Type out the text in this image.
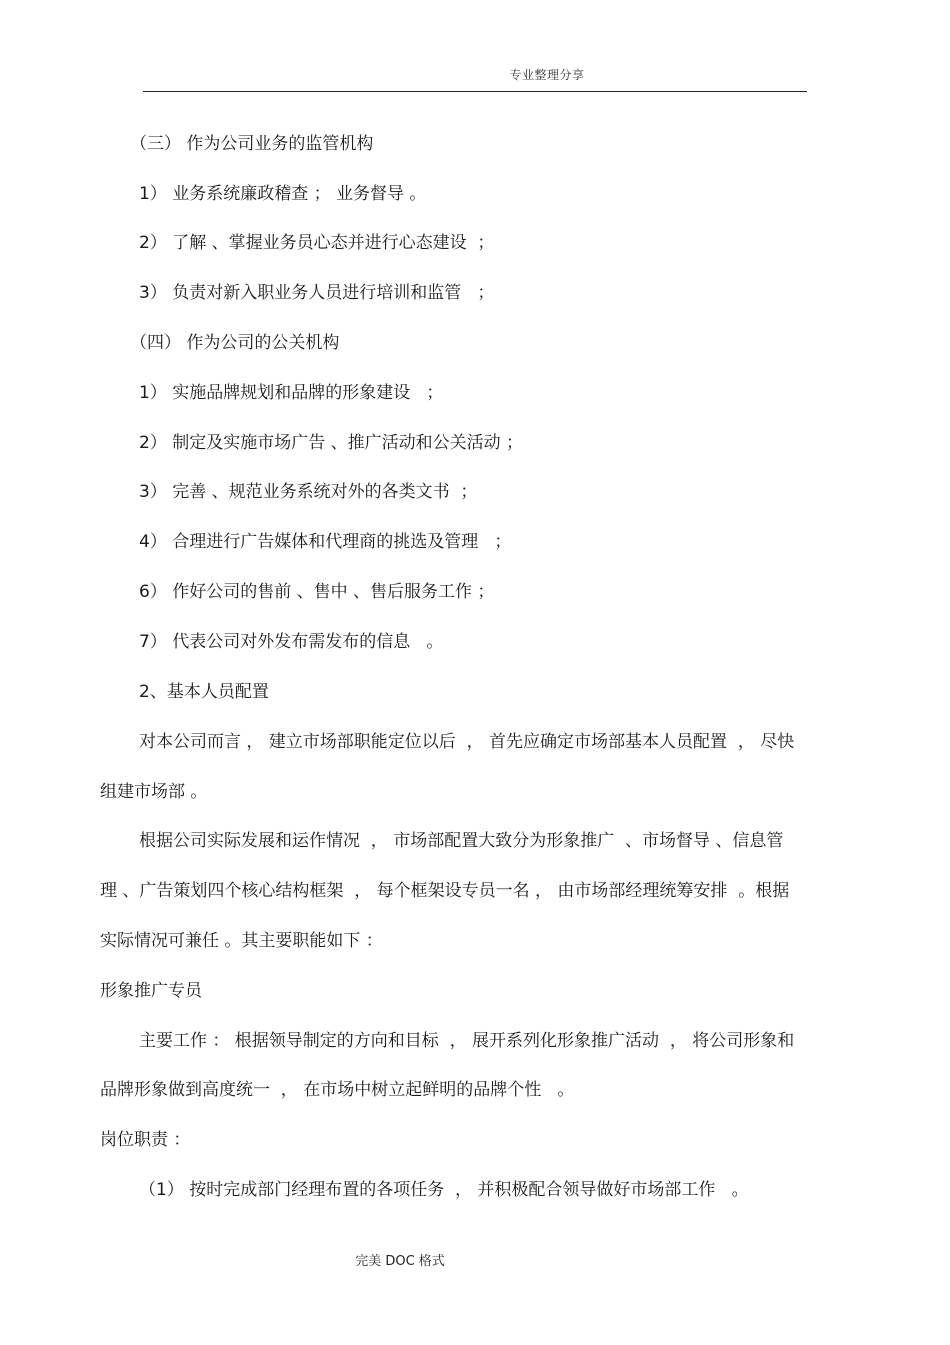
专业整理分享
（三） 作为公司业务的监管机构
1） 业务系统廉政稽查 ； 业务督导 。
2） 了解 、掌握业务员心态并进行心态建设  ；
3） 负责对新入职业务人员进行培训和监管   ；
（四） 作为公司的公关机构
1） 实施品牌规划和品牌的形象建设   ；
2） 制定及实施市场广告 、推广活动和公关活动 ；
3） 完善 、规范业务系统对外的各类文书  ；
4） 合理进行广告媒体和代理商的挑选及管理   ；
6） 作好公司的售前 、售中 、售后服务工作 ；
7） 代表公司对外发布需发布的信息   。
2、基本人员配置
对本公司而言 ， 建立市场部职能定位以后  ， 首先应确定市场部基本人员配置  ， 尽快
组建市场部 。
根据公司实际发展和运作情况  ， 市场部配置大致分为形象推广  、市场督导 、信息管
理 、广告策划四个核心结构框架  ， 每个框架设专员一名 ， 由市场部经理统筹安排  。根据
实际情况可兼任 。其主要职能如下 ：
形象推广专员
主要工作 ： 根据领导制定的方向和目标  ， 展开系列化形象推广活动  ， 将公司形象和
品牌形象做到高度统一  ， 在市场中树立起鲜明的品牌个性   。
岗位职责 ：
（1） 按时完成部门经理布置的各项任务  ， 并积极配合领导做好市场部工作   。
完美 DOC 格式
